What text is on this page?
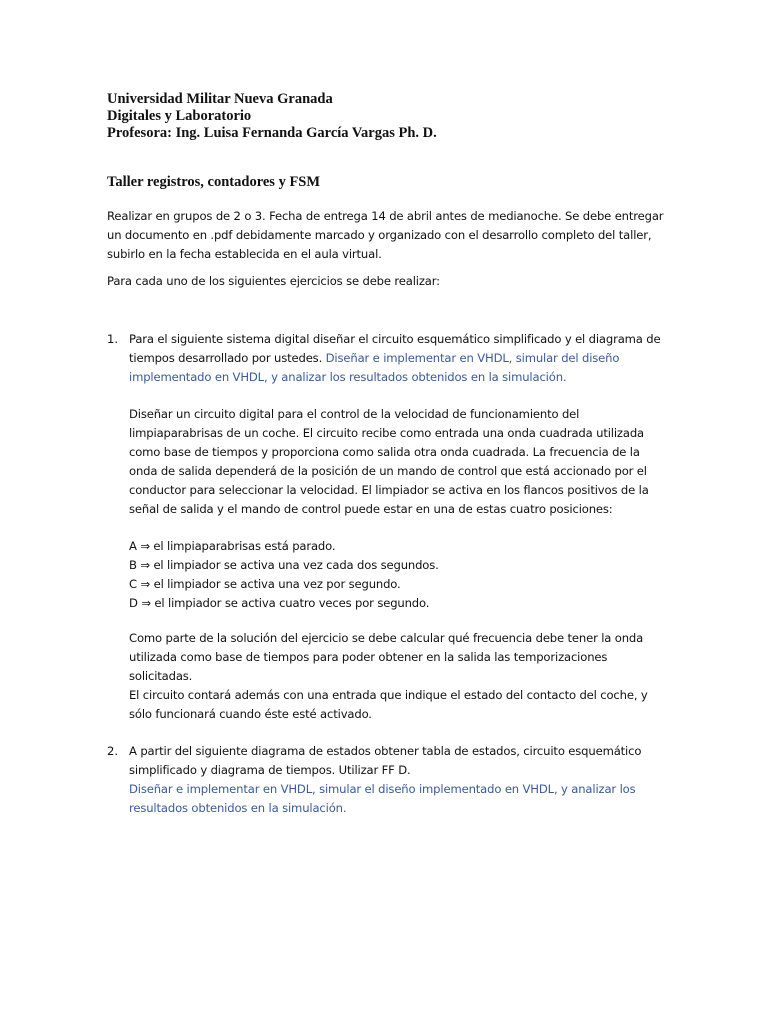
Universidad Militar Nueva Granada
Digitales y Laboratorio
Profesora: Ing. Luisa Fernanda García Vargas Ph. D.
Taller registros, contadores y FSM
Realizar en grupos de 2 o 3. Fecha de entrega 14 de abril antes de medianoche. Se debe entregar
un documento en .pdf debidamente marcado y organizado con el desarrollo completo del taller,
subirlo en la fecha establecida en el aula virtual.
Para cada uno de los siguientes ejercicios se debe realizar:
1. Para el siguiente sistema digital diseñar el circuito esquemático simplificado y el diagrama de
tiempos desarrollado por ustedes. Diseñar e implementar en VHDL, simular del diseño
implementado en VHDL, y analizar los resultados obtenidos en la simulación.
Diseñar un circuito digital para el control de la velocidad de funcionamiento del
limpiaparabrisas de un coche. El circuito recibe como entrada una onda cuadrada utilizada
como base de tiempos y proporciona como salida otra onda cuadrada. La frecuencia de la
onda de salida dependerá de la posición de un mando de control que está accionado por el
conductor para seleccionar la velocidad. El limpiador se activa en los flancos positivos de la
señal de salida y el mando de control puede estar en una de estas cuatro posiciones:
A ⇒ el limpiaparabrisas está parado.
B ⇒ el limpiador se activa una vez cada dos segundos.
C ⇒ el limpiador se activa una vez por segundo.
D ⇒ el limpiador se activa cuatro veces por segundo.
Como parte de la solución del ejercicio se debe calcular qué frecuencia debe tener la onda
utilizada como base de tiempos para poder obtener en la salida las temporizaciones
solicitadas.
El circuito contará además con una entrada que indique el estado del contacto del coche, y
sólo funcionará cuando éste esté activado.
2. A partir del siguiente diagrama de estados obtener tabla de estados, circuito esquemático
simplificado y diagrama de tiempos. Utilizar FF D.
Diseñar e implementar en VHDL, simular el diseño implementado en VHDL, y analizar los
resultados obtenidos en la simulación.
